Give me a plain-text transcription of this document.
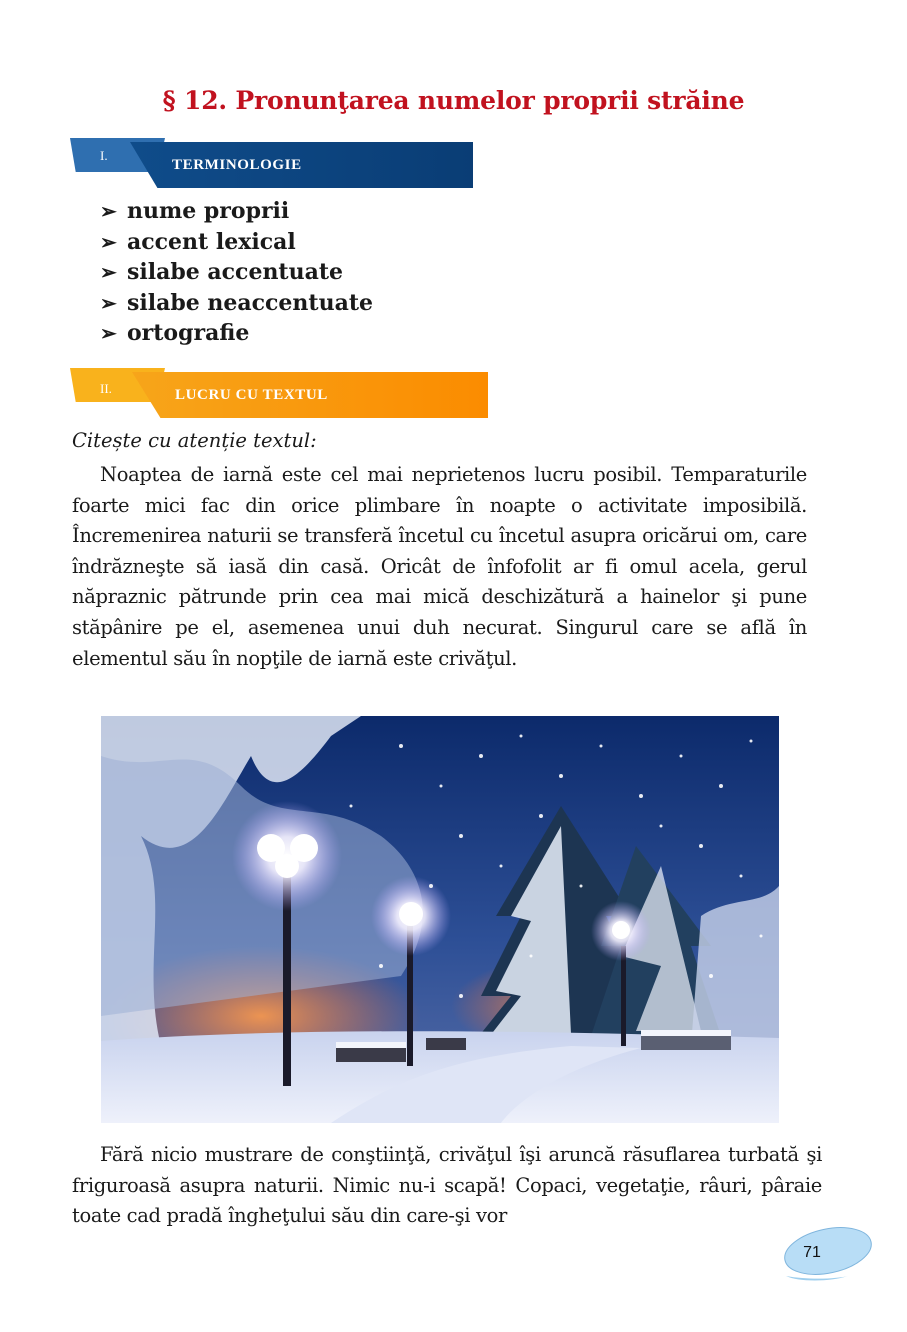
§ 12. Pronunţarea numelor proprii străine
I.
TERMINOLOGIE
➢ nume proprii
➢ accent lexical
➢ silabe accentuate
➢ silabe neaccentuate
➢ ortografie
II.	LUCRU CU TEXTUL
Citește cu atenție textul:

Noaptea de iarnă este cel mai neprietenos lucru posibil. Temparaturile foarte mici fac din orice plimbare în noapte o activitate imposibilă. Încremenirea naturii se transferă încetul cu încetul asupra oricărui om, care îndrăzneşte să iasă din casă. Oricât de înfofolit ar fi omul acela, gerul năpraznic pătrunde prin cea mai mică deschizătură a hainelor şi pune stăpânire pe el, asemenea unui duh necurat. Singurul care se află în elementul său în nopţile de iarnă este crivăţul.

Fără nicio mustrare de conştiinţă, crivăţul îşi aruncă răsuflarea turbată şi friguroasă asupra naturii. Nimic nu-i scapă! Copaci, vegetaţie, râuri, pâraie toate cad pradă îngheţului său din care-şi vor

71
